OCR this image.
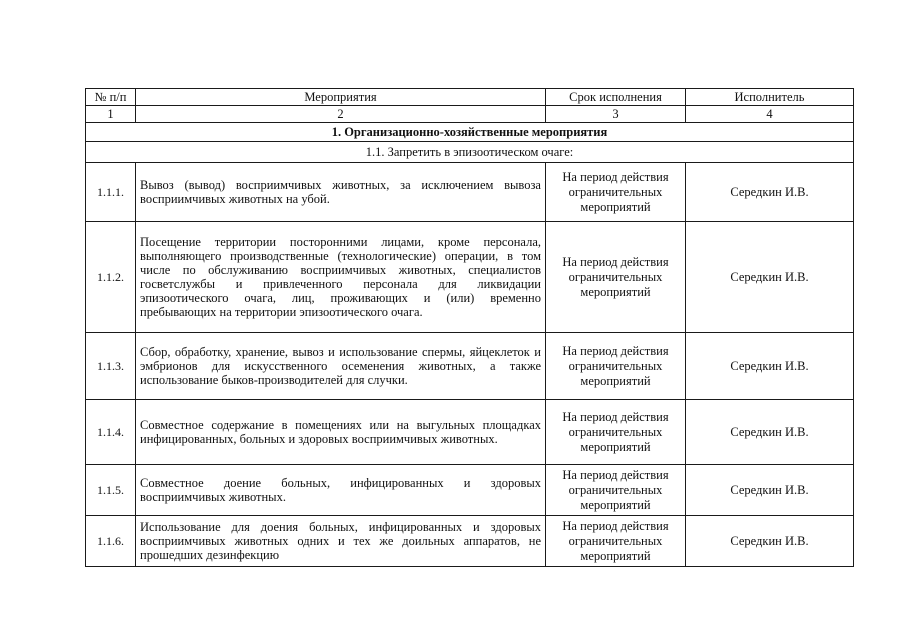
№ п/п	Мероприятия	Срок исполнения	Исполнитель
1	2	3	4
1. Организационно-хозяйственные мероприятия			
1.1. Запретить в эпизоотическом очаге:			
1.1.1.	Вывоз (вывод) восприимчивых животных, за исключением вывоза восприимчивых животных на убой.	На период действия ограничительных мероприятий	Середкин И.В.
1.1.2.	Посещение территории посторонними лицами, кроме персонала, выполняющего производственные (технологические) операции, в том числе по обслуживанию восприимчивых животных, специалистов госветслужбы и привлеченного персонала для ликвидации эпизоотического очага, лиц, проживающих и (или) временно пребывающих на территории эпизоотического очага.	На период действия ограничительных мероприятий	Середкин И.В.
1.1.3.	Сбор, обработку, хранение, вывоз и использование спермы, яйцеклеток и эмбрионов для искусственного осеменения животных, а также использование быков-производителей для случки.	На период действия ограничительных мероприятий	Середкин И.В.
1.1.4.	Совместное содержание в помещениях или на выгульных площадках инфицированных, больных и здоровых восприимчивых животных.	На период действия ограничительных мероприятий	Середкин И.В.
1.1.5.	Совместное доение больных, инфицированных и здоровых восприимчивых животных.	На период действия ограничительных мероприятий	Середкин И.В.
1.1.6.	Использование для доения больных, инфицированных и здоровых восприимчивых животных одних и тех же доильных аппаратов, не прошедших дезинфекцию	На период действия ограничительных мероприятий	Середкин И.В.
